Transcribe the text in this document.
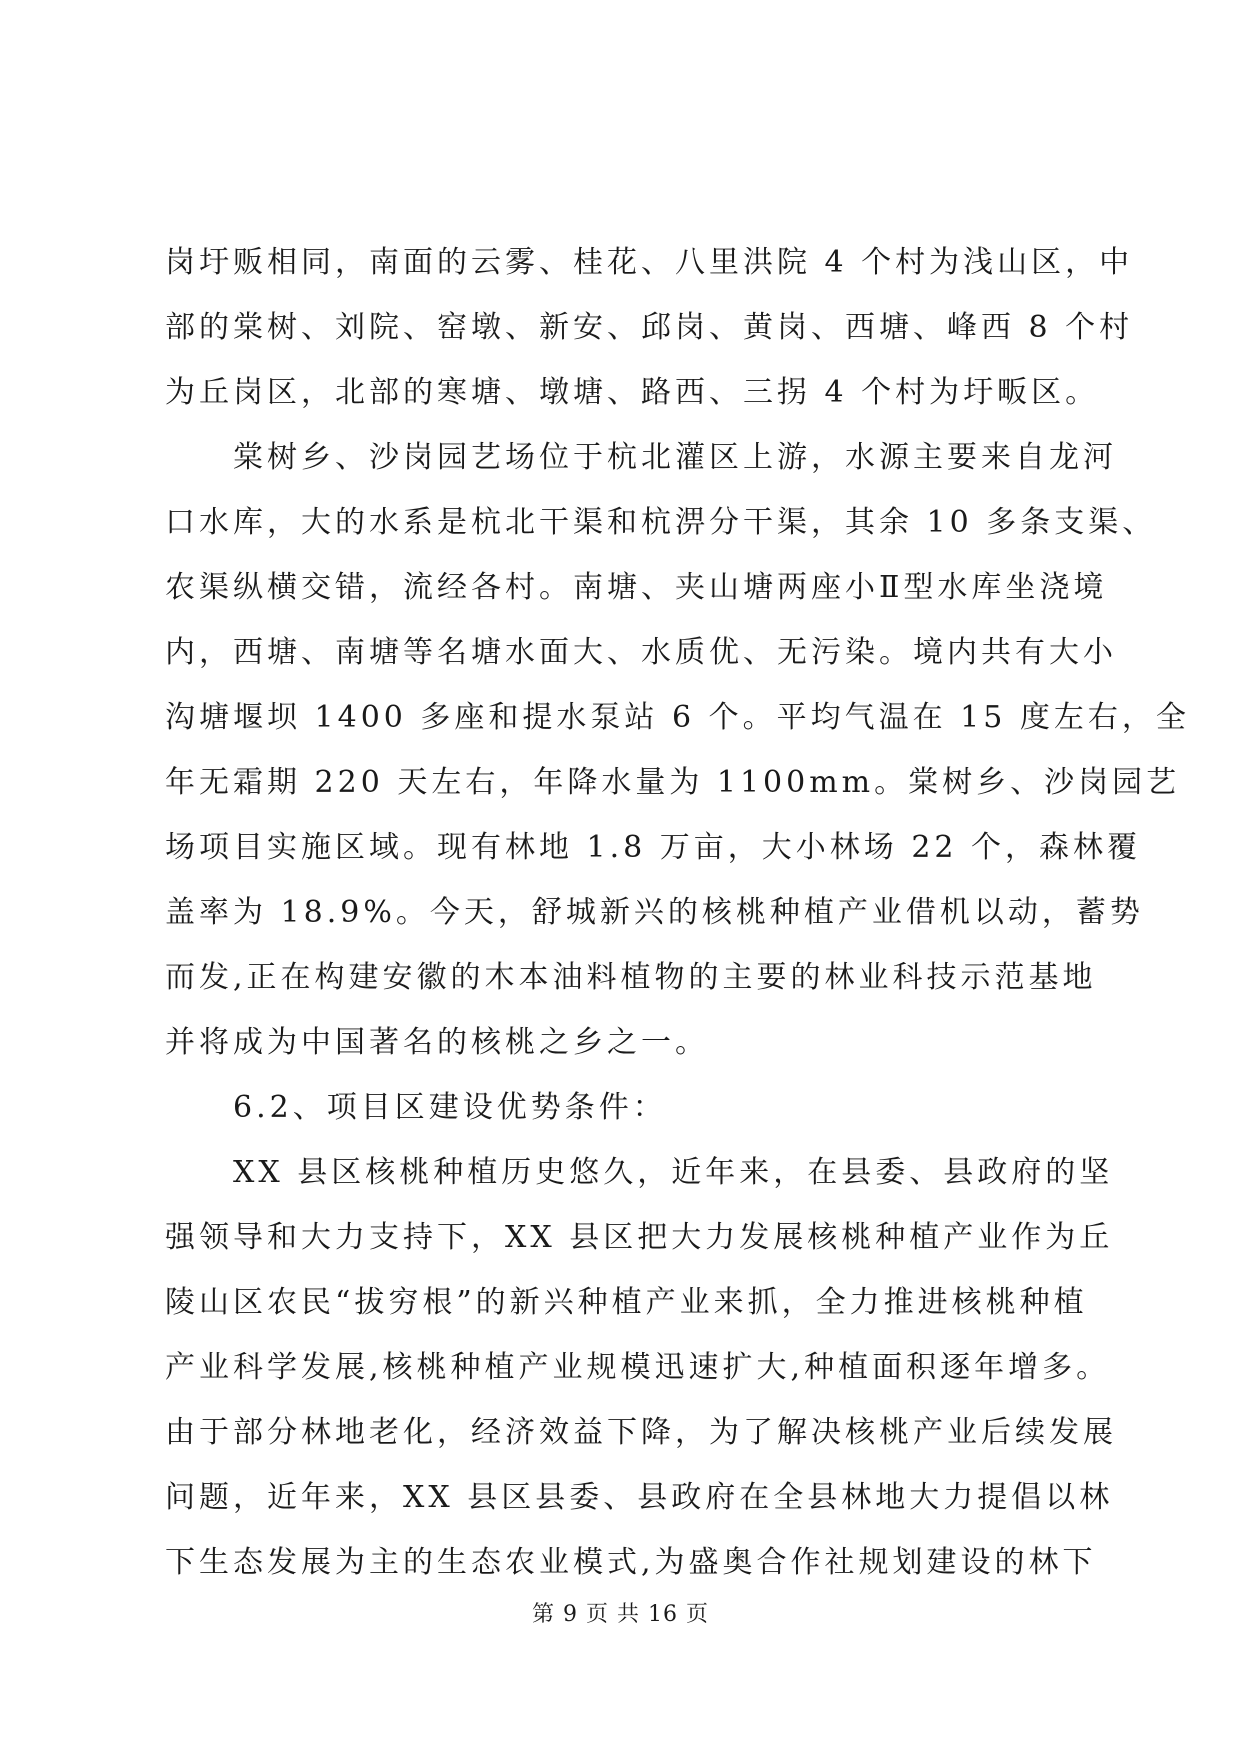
岗圩贩相同，南面的云雾、桂花、八里洪院 4 个村为浅山区，中
部的棠树、刘院、窑墩、新安、邱岗、黄岗、西塘、峰西 8 个村
为丘岗区，北部的寒塘、墩塘、路西、三拐 4 个村为圩畈区。
　　棠树乡、沙岗园艺场位于杭北灌区上游，水源主要来自龙河
口水库，大的水系是杭北干渠和杭淠分干渠，其余 10 多条支渠、
农渠纵横交错，流经各村。南塘、夹山塘两座小Ⅱ型水库坐浇境
内，西塘、南塘等名塘水面大、水质优、无污染。境内共有大小
沟塘堰坝 1400 多座和提水泵站 6 个。平均气温在 15 度左右，全
年无霜期 220 天左右，年降水量为 1100mm。棠树乡、沙岗园艺
场项目实施区域。现有林地 1.8 万亩，大小林场 22 个，森林覆
盖率为 18.9%。今天，舒城新兴的核桃种植产业借机以动，蓄势
而发,正在构建安徽的木本油料植物的主要的林业科技示范基地
并将成为中国著名的核桃之乡之一。
　　6.2、项目区建设优势条件：
　　XX 县区核桃种植历史悠久，近年来，在县委、县政府的坚
强领导和大力支持下，XX 县区把大力发展核桃种植产业作为丘
陵山区农民“拔穷根”的新兴种植产业来抓，全力推进核桃种植
产业科学发展,核桃种植产业规模迅速扩大,种植面积逐年增多。
由于部分林地老化，经济效益下降，为了解决核桃产业后续发展
问题，近年来，XX 县区县委、县政府在全县林地大力提倡以林
下生态发展为主的生态农业模式,为盛奥合作社规划建设的林下
第 9 页 共 16 页
